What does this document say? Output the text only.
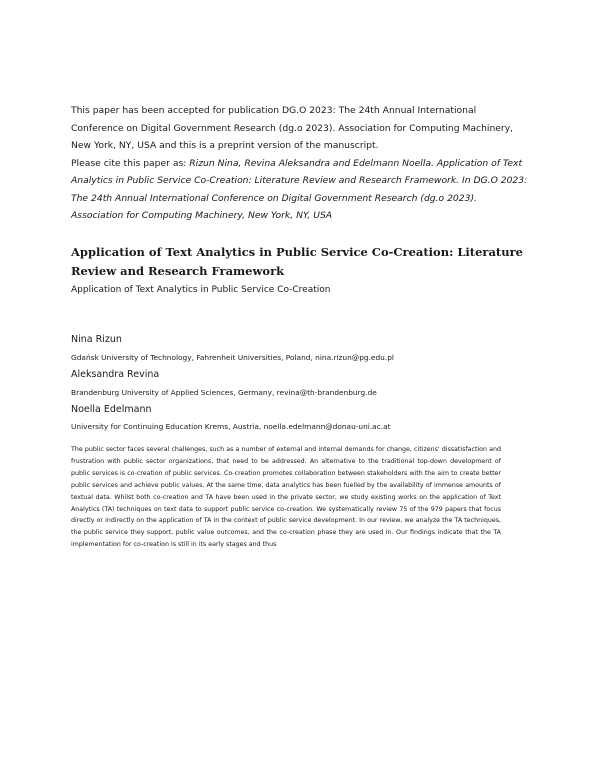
This paper has been accepted for publication DG.O 2023: The 24th Annual International Conference on Digital Government Research (dg.o 2023). Association for Computing Machinery, New York, NY, USA and this is a preprint version of the manuscript.

Please cite this paper as: Rizun Nina, Revina Aleksandra and Edelmann Noella. Application of Text Analytics in Public Service Co-Creation: Literature Review and Research Framework. In DG.O 2023: The 24th Annual International Conference on Digital Government Research (dg.o 2023). Association for Computing Machinery, New York, NY, USA

Application of Text Analytics in Public Service Co-Creation: Literature Review and Research Framework

Application of Text Analytics in Public Service Co-Creation

Nina Rizun

Gdańsk University of Technology, Fahrenheit Universities, Poland, nina.rizun@pg.edu.pl

Aleksandra Revina

Brandenburg University of Applied Sciences, Germany, revina@th-brandenburg.de

Noella Edelmann

University for Continuing Education Krems, Austria, noella.edelmann@donau-uni.ac.at

The public sector faces several challenges, such as a number of external and internal demands for change, citizens' dissatisfaction and frustration with public sector organizations, that need to be addressed. An alternative to the traditional top-down development of public services is co-creation of public services. Co-creation promotes collaboration between stakeholders with the aim to create better public services and achieve public values. At the same time, data analytics has been fuelled by the availability of immense amounts of textual data. Whilst both co-creation and TA have been used in the private sector, we study existing works on the application of Text Analytics (TA) techniques on text data to support public service co-creation. We systematically review 75 of the 979 papers that focus directly or indirectly on the application of TA in the context of public service development. In our review, we analyze the TA techniques, the public service they support, public value outcomes, and the co-creation phase they are used in. Our findings indicate that the TA implementation for co-creation is still in its early stages and thus
